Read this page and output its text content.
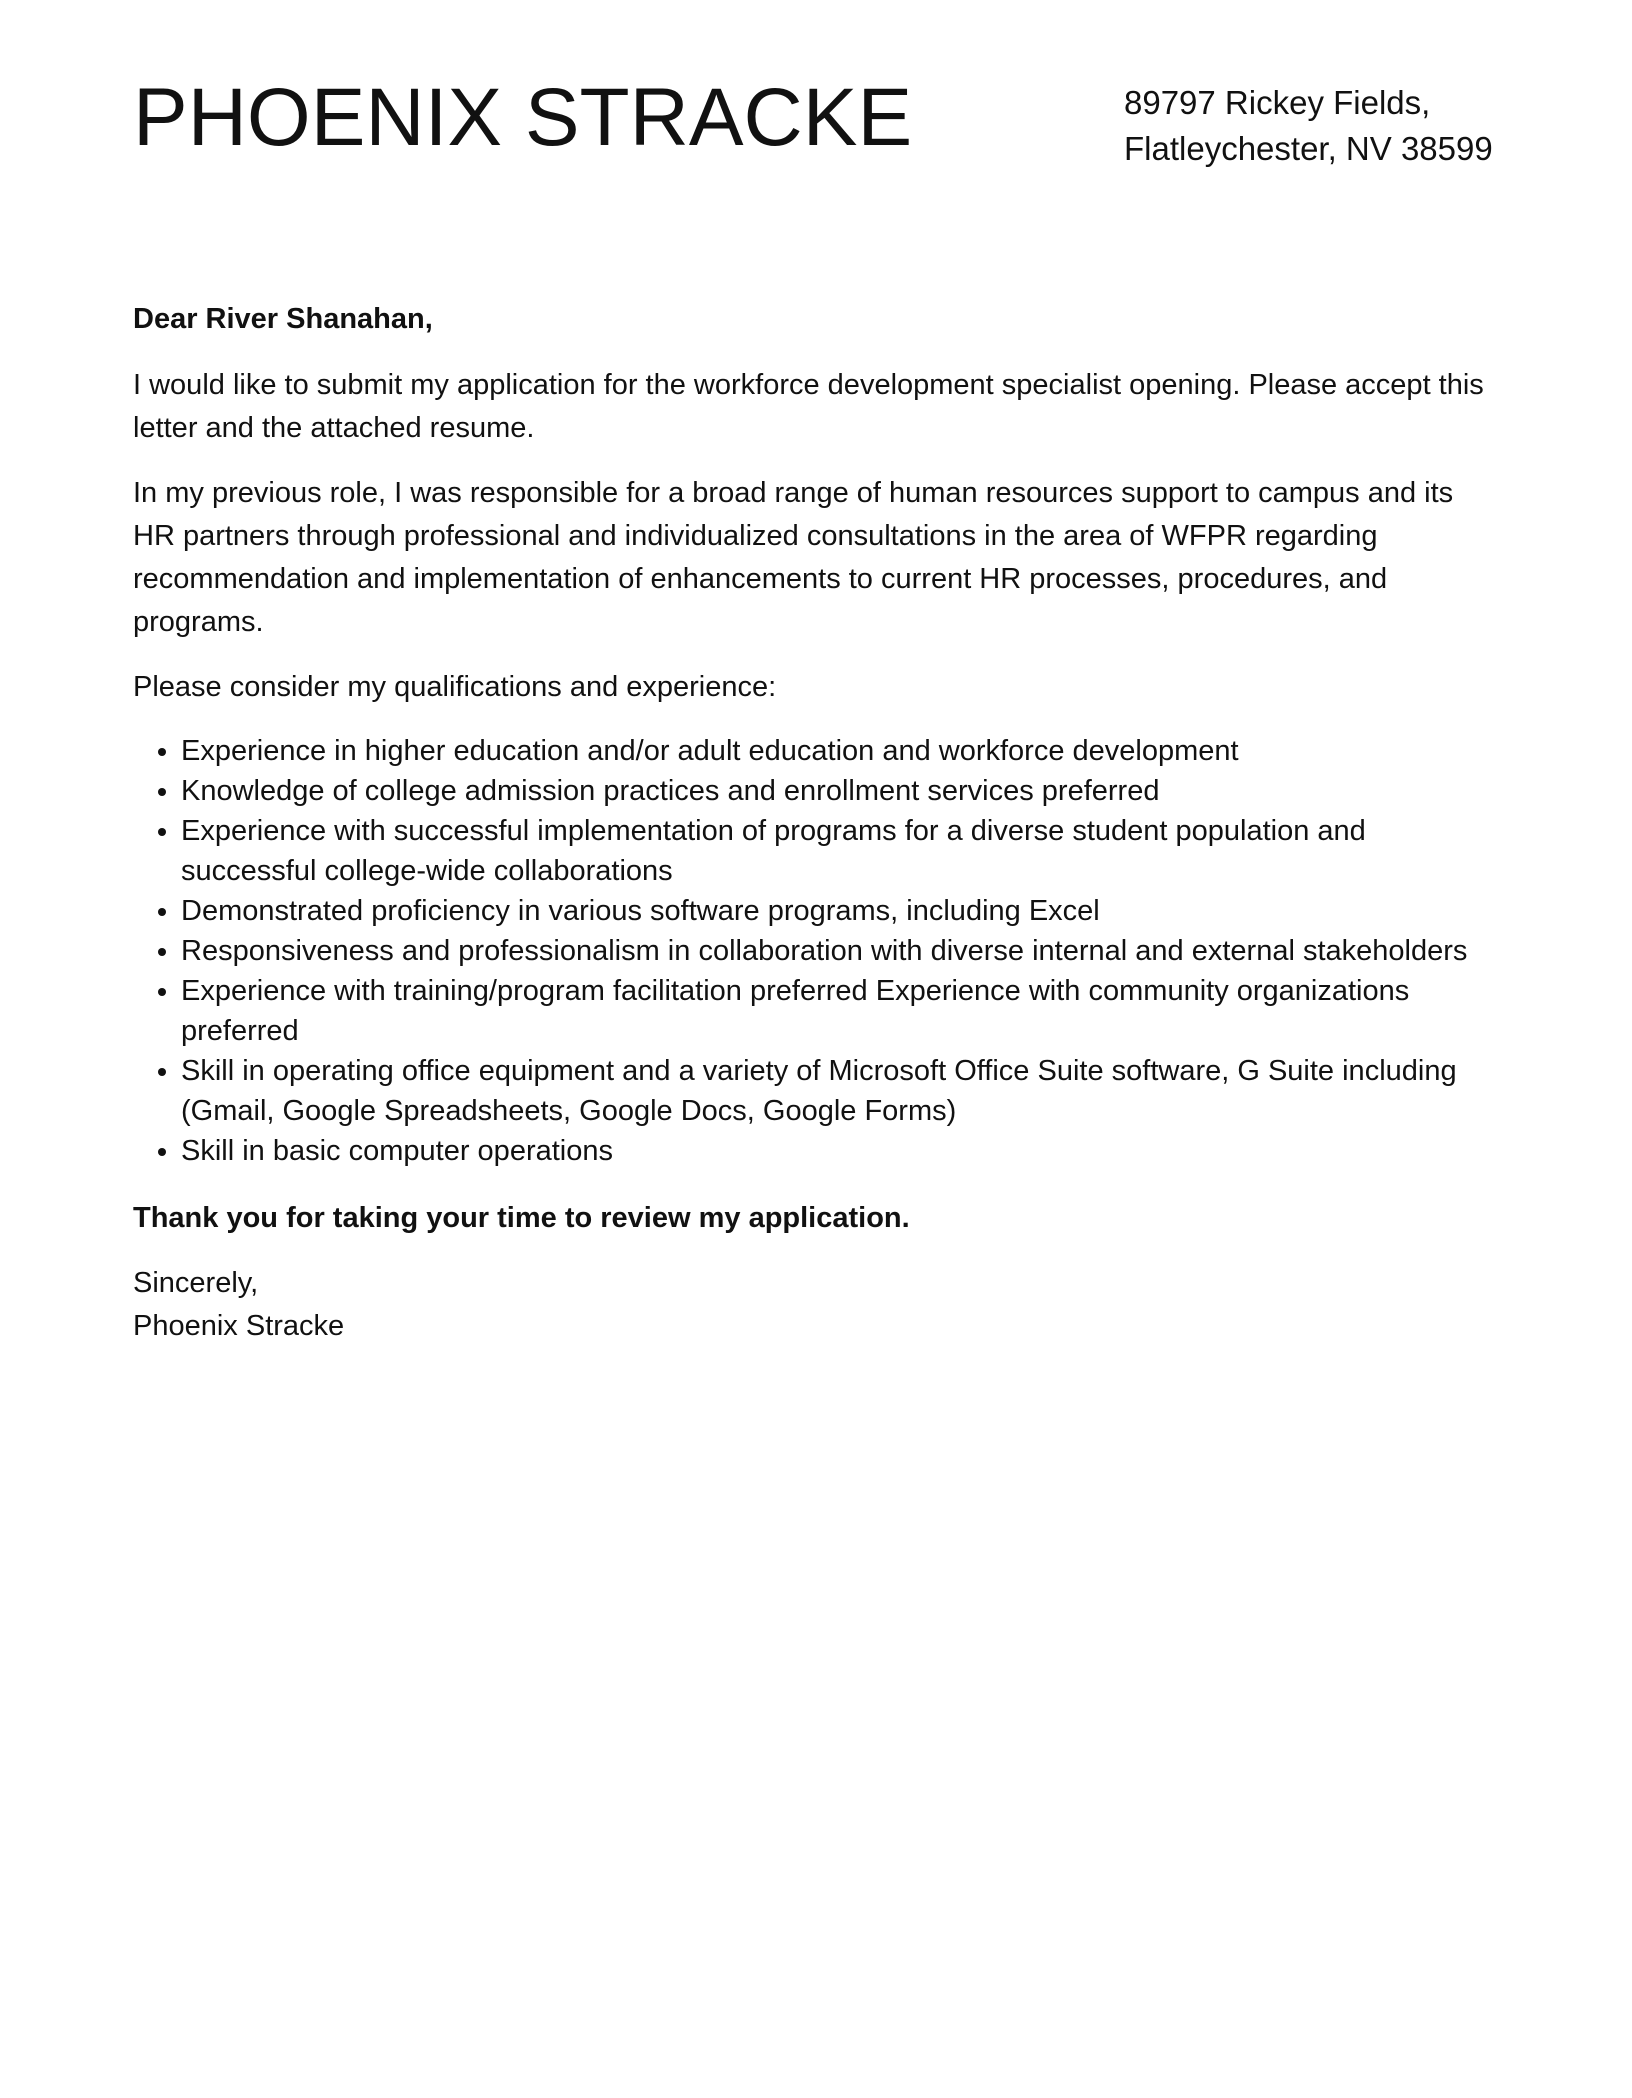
PHOENIX STRACKE	89797 Rickey Fields,
Flatleychester, NV 38599

Dear River Shanahan,

I would like to submit my application for the workforce development specialist opening. Please accept this letter and the attached resume.

In my previous role, I was responsible for a broad range of human resources support to campus and its HR partners through professional and individualized consultations in the area of WFPR regarding recommendation and implementation of enhancements to current HR processes, procedures, and programs.

Please consider my qualifications and experience:

• Experience in higher education and/or adult education and workforce development
• Knowledge of college admission practices and enrollment services preferred
• Experience with successful implementation of programs for a diverse student population and successful college-wide collaborations
• Demonstrated proficiency in various software programs, including Excel
• Responsiveness and professionalism in collaboration with diverse internal and external stakeholders
• Experience with training/program facilitation preferred Experience with community organizations preferred
• Skill in operating office equipment and a variety of Microsoft Office Suite software, G Suite including (Gmail, Google Spreadsheets, Google Docs, Google Forms)
• Skill in basic computer operations

Thank you for taking your time to review my application.

Sincerely,

Phoenix Stracke
